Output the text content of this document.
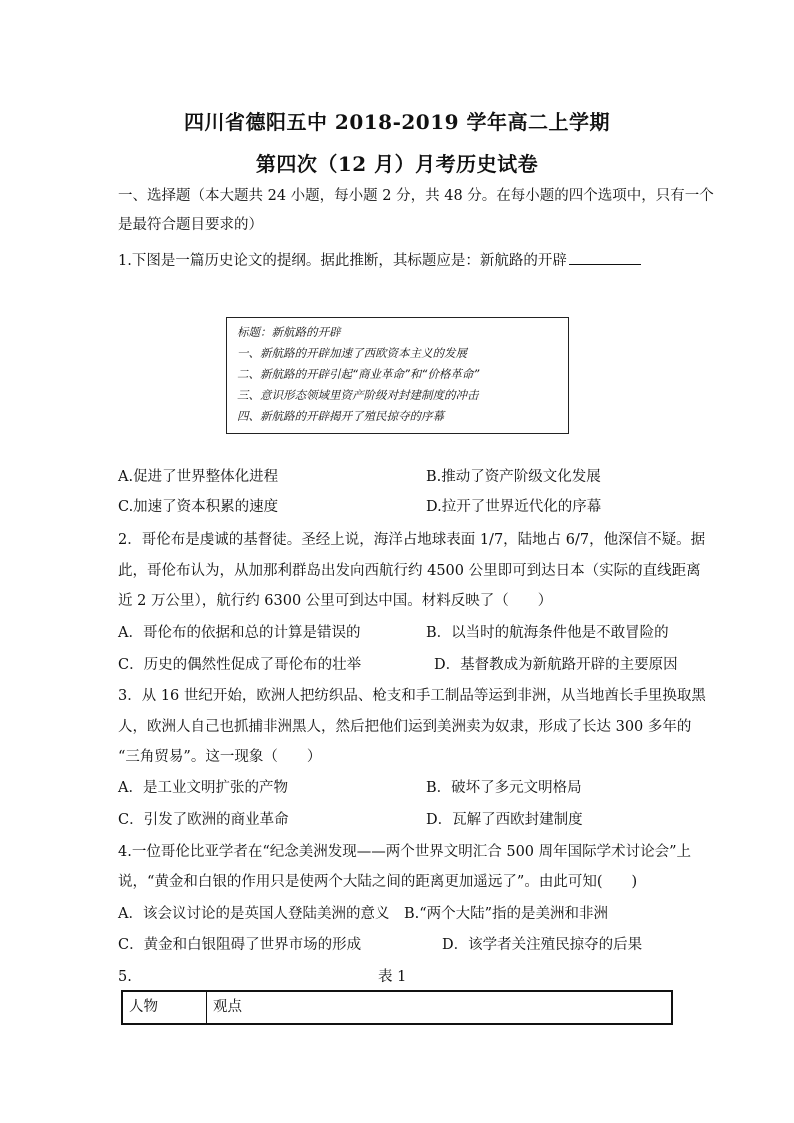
四川省德阳五中 2018-2019 学年高二上学期
第四次（12 月）月考历史试卷
一、选择题（本大题共 24 小题，每小题 2 分，共 48 分。在每小题的四个选项中，只有一个
是最符合题目要求的）
1.下图是一篇历史论文的提纲。据此推断，其标题应是：新航路的开辟
标题：新航路的开辟
一、新航路的开辟加速了西欧资本主义的发展
二、新航路的开辟引起“商业革命”和“价格革命”
三、意识形态领域里资产阶级对封建制度的冲击
四、新航路的开辟揭开了殖民掠夺的序幕
A.促进了世界整体化进程	B.推动了资产阶级文化发展
C.加速了资本积累的速度	D.拉开了世界近代化的序幕
2．哥伦布是虔诚的基督徒。圣经上说，海洋占地球表面 1/7，陆地占 6/7，他深信不疑。据
此，哥伦布认为，从加那利群岛出发向西航行约 4500 公里即可到达日本（实际的直线距离
近 2 万公里），航行约 6300 公里可到达中国。材料反映了（　　）
A．哥伦布的依据和总的计算是错误的	B．以当时的航海条件他是不敢冒险的
C．历史的偶然性促成了哥伦布的壮举	D．基督教成为新航路开辟的主要原因
3．从 16 世纪开始，欧洲人把纺织品、枪支和手工制品等运到非洲，从当地酋长手里换取黑
人，欧洲人自己也抓捕非洲黑人，然后把他们运到美洲卖为奴隶，形成了长达 300 多年的
“三角贸易”。这一现象（　　）
A．是工业文明扩张的产物	B．破坏了多元文明格局
C．引发了欧洲的商业革命	D．瓦解了西欧封建制度
4.一位哥伦比亚学者在“纪念美洲发现——两个世界文明汇合 500 周年国际学术讨论会”上
说，“黄金和白银的作用只是使两个大陆之间的距离更加遥远了”。由此可知(　　)
A．该会议讨论的是英国人登陆美洲的意义　B.“两个大陆”指的是美洲和非洲
C．黄金和白银阻碍了世界市场的形成	D．该学者关注殖民掠夺的后果
5.	表 1
人物	观点
